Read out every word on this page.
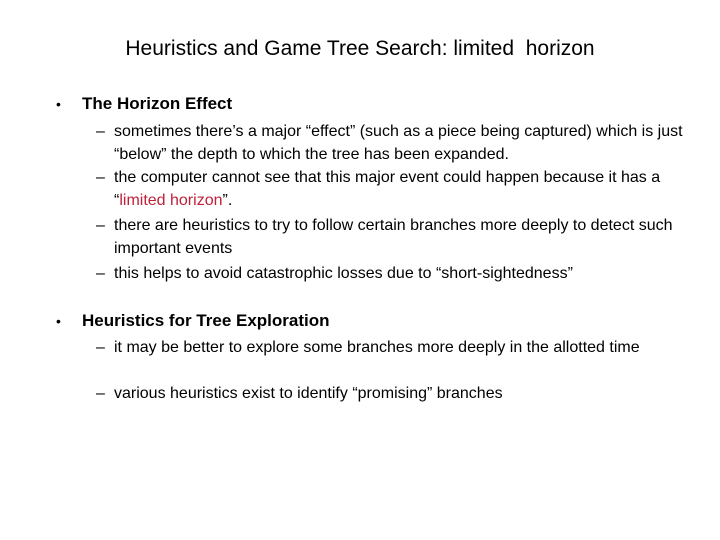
Heuristics and Game Tree Search: limited  horizon
• The Horizon Effect
– sometimes there’s a major “effect” (such as a piece being captured) which is just “below” the depth to which the tree has been expanded.
– the computer cannot see that this major event could happen because it has a “limited horizon”.
– there are heuristics to try to follow certain branches more deeply to detect such important events
– this helps to avoid catastrophic losses due to “short-sightedness”
• Heuristics for Tree Exploration
– it may be better to explore some branches more deeply in the allotted time
– various heuristics exist to identify “promising” branches
